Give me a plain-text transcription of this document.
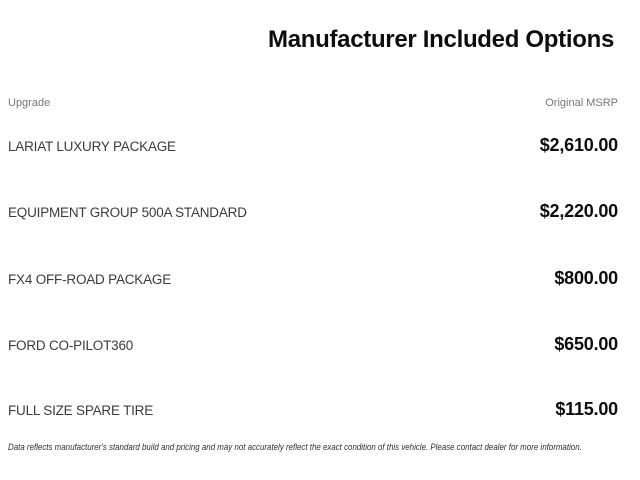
Manufacturer Included Options
Upgrade	Original MSRP
LARIAT LUXURY PACKAGE	$2,610.00
EQUIPMENT GROUP 500A STANDARD	$2,220.00
FX4 OFF-ROAD PACKAGE	$800.00
FORD CO-PILOT360	$650.00
FULL SIZE SPARE TIRE	$115.00
Data reflects manufacturer's standard build and pricing and may not accurately reflect the exact condition of this vehicle. Please contact dealer for more information.
